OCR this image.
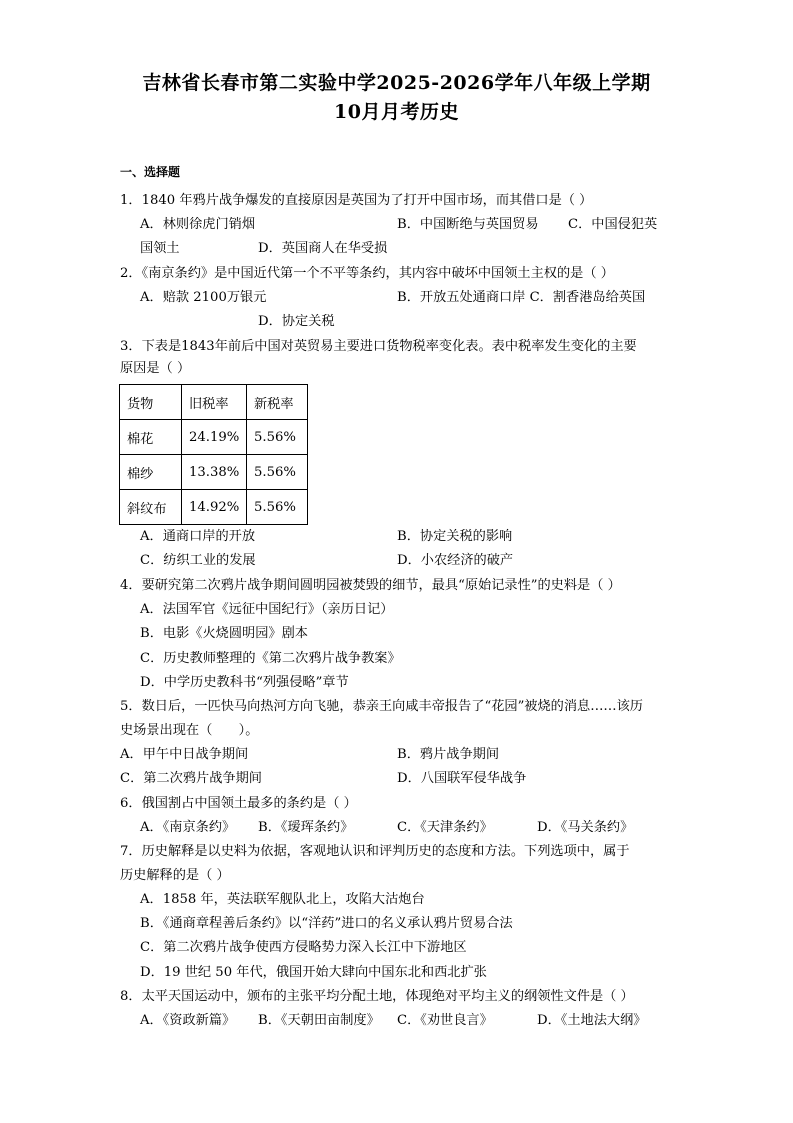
吉林省长春市第二实验中学2025-2026学年八年级上学期
10月月考历史
一、选择题
1．1840 年鸦片战争爆发的直接原因是英国为了打开中国市场，而其借口是（ ）
A．林则徐虎门销烟	B．中国断绝与英国贸易 C．中国侵犯英
国领土	D．英国商人在华受损
2．《南京条约》是中国近代第一个不平等条约，其内容中破坏中国领土主权的是（ ）
A．赔款 2100万银元	B．开放五处通商口岸 C．割香港岛给英国
D．协定关税
3．下表是1843年前后中国对英贸易主要进口货物税率变化表。表中税率发生变化的主要
原因是（ ）
货物	旧税率	新税率
棉花	24.19%	5.56%
棉纱	13.38%	5.56%
斜纹布	14.92%	5.56%
A．通商口岸的开放	B．协定关税的影响
C．纺织工业的发展	D．小农经济的破产
4．要研究第二次鸦片战争期间圆明园被焚毁的细节，最具“原始记录性”的史料是（ ）
A．法国军官《远征中国纪行》（亲历日记）
B．电影《火烧圆明园》剧本
C．历史教师整理的《第二次鸦片战争教案》
D．中学历史教科书“列强侵略”章节
5．数日后，一匹快马向热河方向飞驰，恭亲王向咸丰帝报告了“花园”被烧的消息……该历
史场景出现在（　　）。
A．甲午中日战争期间	B．鸦片战争期间
C．第二次鸦片战争期间	D．八国联军侵华战争
6．俄国割占中国领土最多的条约是（ ）
A．《南京条约》 B．《瑷珲条约》	C．《天津条约》	D．《马关条约》
7．历史解释是以史料为依据，客观地认识和评判历史的态度和方法。下列选项中，属于
历史解释的是（ ）
A．1858 年，英法联军舰队北上，攻陷大沽炮台
B．《通商章程善后条约》以“洋药”进口的名义承认鸦片贸易合法
C．第二次鸦片战争使西方侵略势力深入长江中下游地区
D．19 世纪 50 年代，俄国开始大肆向中国东北和西北扩张
8．太平天国运动中，颁布的主张平均分配土地，体现绝对平均主义的纲领性文件是（ ）
A．《资政新篇》 B．《天朝田亩制度》 C．《劝世良言》	D．《土地法大纲》
